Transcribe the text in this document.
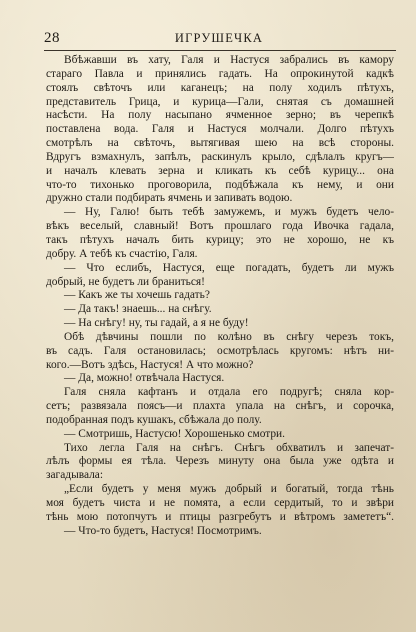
28	ИГРУШЕЧКА
Вбѣжавши въ хату, Галя и Настуся забрались въ камору
стараго Павла и принялись гадать. На опрокинутой кадкѣ
стоялъ свѣточъ или каганецъ; на полу ходилъ пѣтухъ,
представитель Грица, и курица—Гали, снятая съ домашней
насѣсти. На полу насыпано ячменное зерно; въ черепкѣ
поставлена вода. Галя и Настуся молчали. Долго пѣтухъ
смотрѣлъ на свѣточъ, вытягивая шею на всѣ стороны.
Вдругъ взмахнулъ, запѣлъ, раскинулъ крыло, сдѣлалъ кругъ—
и началъ клевать зерна и кликать къ себѣ курицу... она
что-то тихонько проговорила, подбѣжала къ нему, и они
дружно стали подбирать ячмень и запивать водою.
— Ну, Галю! быть тебѣ замужемъ, и мужъ будетъ чело-
вѣкъ веселый, славный! Вотъ прошлаго года Ивочка гадала,
такъ пѣтухъ началъ бить курицу; это не хорошо, не къ
добру. А тебѣ къ счастію, Галя.
— Что еслибъ, Настуся, еще погадать, будетъ ли мужъ
добрый, не будетъ ли браниться!
— Какъ же ты хочешь гадать?
— Да такъ! знаешь... на снѣгу.
— На снѣгу! ну, ты гадай, а я не буду!
Обѣ дѣвчины пошли по колѣно въ снѣгу черезъ токъ,
въ садъ. Галя остановилась; осмотрѣлась кругомъ: нѣтъ ни-
кого.—Вотъ здѣсь, Настуся! А что можно?
— Да, можно! отвѣчала Настуся.
Галя сняла кафтанъ и отдала его подругѣ; сняла кор-
сетъ; развязала поясъ—и плахта упала на снѣгъ, и сорочка,
подобранная подъ кушакъ, сбѣжала до полу.
— Смотришь, Настусю! Хорошенько смотри.
Тихо легла Галя на снѣгъ. Снѣгъ обхватилъ и запечат-
лѣлъ формы ея тѣла. Черезъ минуту она была уже одѣта и
загадывала:
„Если будетъ у меня мужъ добрый и богатый, тогда тѣнь
моя будетъ чиста и не помята, а если сердитый, то и звѣри
тѣнь мою потопчутъ и птицы разгребутъ и вѣтромъ замететъ“.
— Что-то будетъ, Настуся! Посмотримъ.
